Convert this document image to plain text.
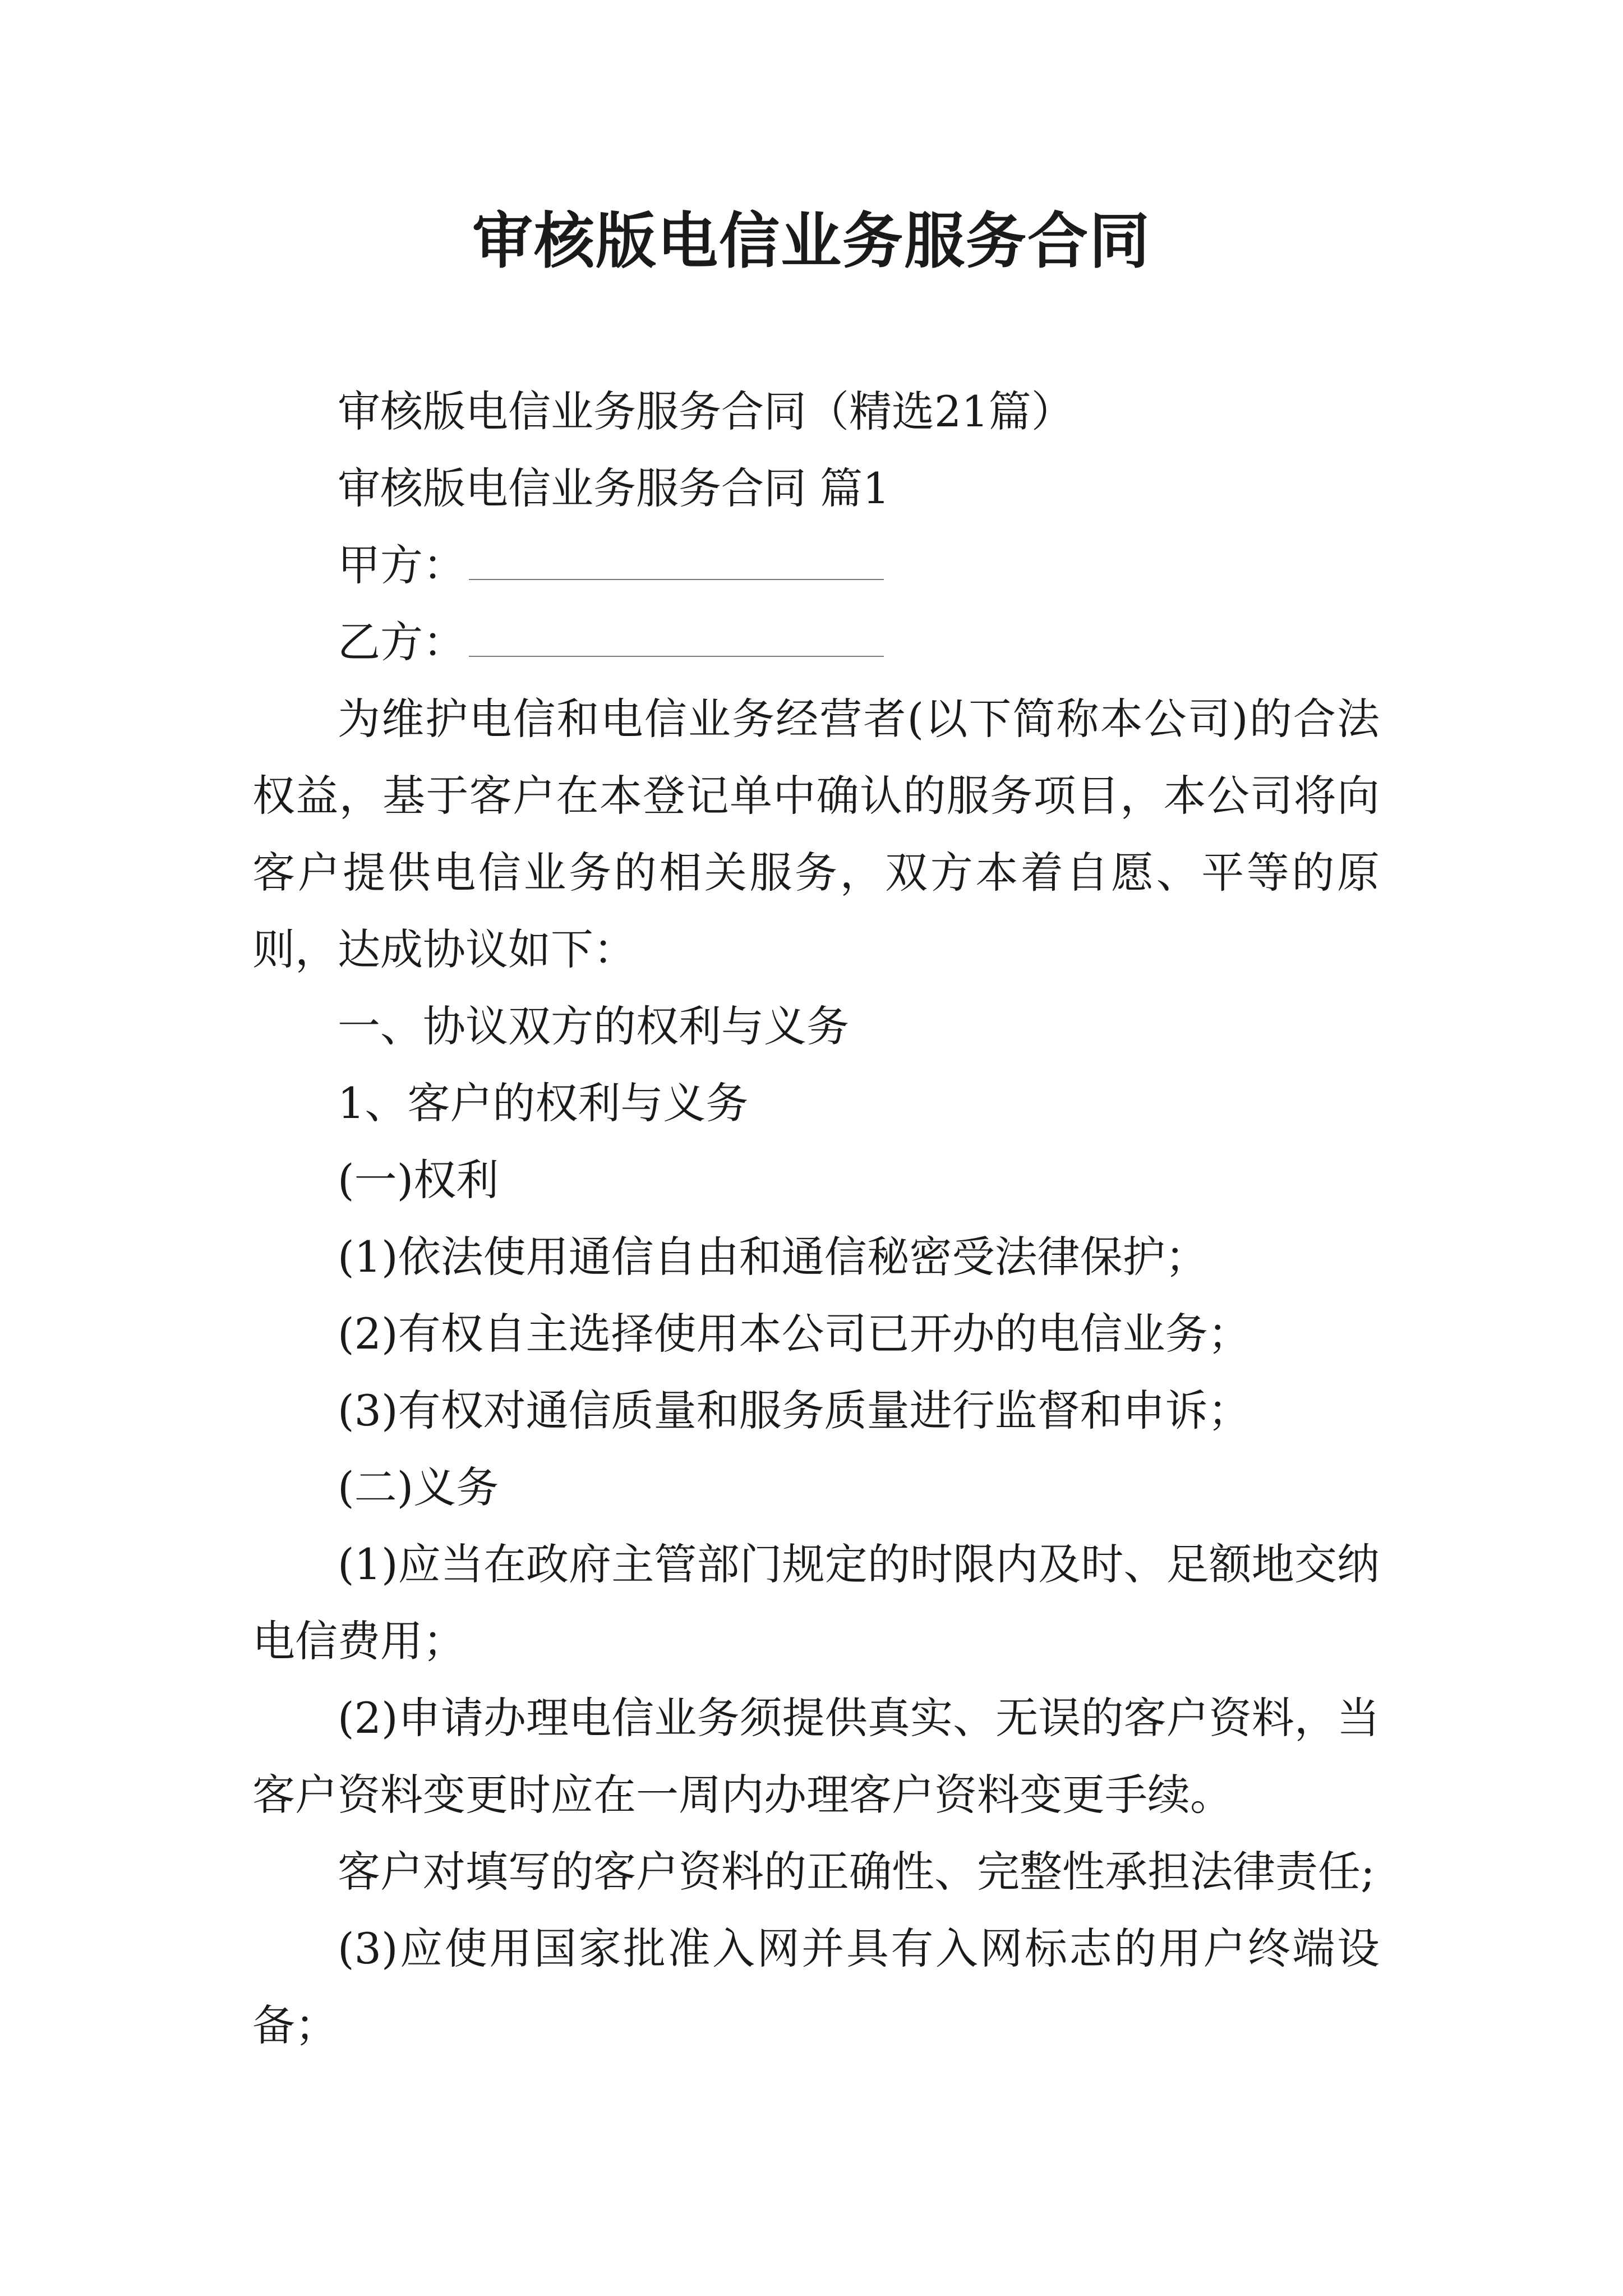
审核版电信业务服务合同

审核版电信业务服务合同（精选21篇）

审核版电信业务服务合同 篇1

甲方：

乙方：

为维护电信和电信业务经营者(以下简称本公司)的合法权益，基于客户在本登记单中确认的服务项目，本公司将向客户提供电信业务的相关服务，双方本着自愿、平等的原则，达成协议如下：

一、协议双方的权利与义务

1、客户的权利与义务

(一)权利

(1)依法使用通信自由和通信秘密受法律保护；

(2)有权自主选择使用本公司已开办的电信业务；

(3)有权对通信质量和服务质量进行监督和申诉；

(二)义务

(1)应当在政府主管部门规定的时限内及时、足额地交纳电信费用；

(2)申请办理电信业务须提供真实、无误的客户资料，当客户资料变更时应在一周内办理客户资料变更手续。

客户对填写的客户资料的正确性、完整性承担法律责任;

(3)应使用国家批准入网并具有入网标志的用户终端设备；
